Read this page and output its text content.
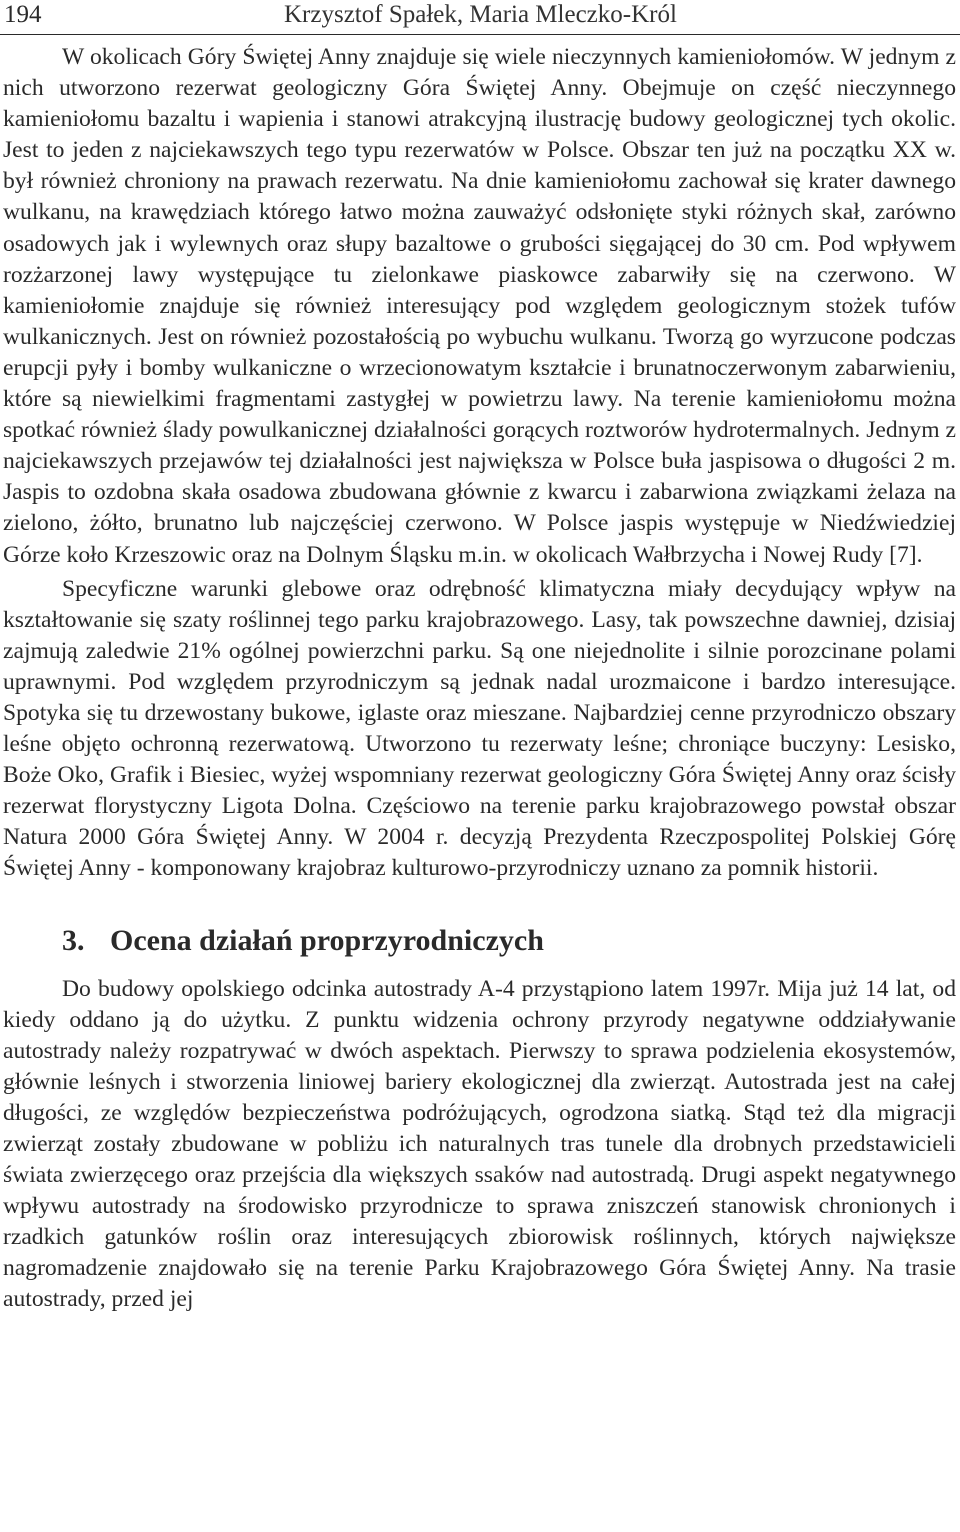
194	Krzysztof Spałek, Maria Mleczko-Król

W okolicach Góry Świętej Anny znajduje się wiele nieczynnych kamieniołomów. W jednym z nich utworzono rezerwat geologiczny Góra Świętej Anny. Obejmuje on część nieczynnego kamieniołomu bazaltu i wapienia i stanowi atrakcyjną ilustrację budowy geologicznej tych okolic. Jest to jeden z najciekawszych tego typu rezerwatów w Polsce. Obszar ten już na początku XX w. był również chroniony na prawach rezerwatu. Na dnie kamieniołomu zachował się krater dawnego wulkanu, na krawędziach którego łatwo można zauważyć odsłonięte styki różnych skał, zarówno osadowych jak i wylewnych oraz słupy bazaltowe o grubości sięgającej do 30 cm. Pod wpływem rozżarzonej lawy występujące tu zielonkawe piaskowce zabarwiły się na czerwono. W kamieniołomie znajduje się również interesujący pod względem geologicznym stożek tufów wulkanicznych. Jest on również pozostałością po wybuchu wulkanu. Tworzą go wyrzucone podczas erupcji pyły i bomby wulkaniczne o wrzecionowatym kształcie i brunatnoczerwonym zabarwieniu, które są niewielkimi fragmentami zastygłej w powietrzu lawy. Na terenie kamieniołomu można spotkać również ślady powulkanicznej działalności gorących roztworów hydrotermalnych. Jednym z najciekawszych przejawów tej działalności jest największa w Polsce buła jaspisowa o długości 2 m. Jaspis to ozdobna skała osadowa zbudowana głównie z kwarcu i zabarwiona związkami żelaza na zielono, żółto, brunatno lub najczęściej czerwono. W Polsce jaspis występuje w Niedźwiedziej Górze koło Krzeszowic oraz na Dolnym Śląsku m.in. w okolicach Wałbrzycha i Nowej Rudy [7].

Specyficzne warunki glebowe oraz odrębność klimatyczna miały decydujący wpływ na kształtowanie się szaty roślinnej tego parku krajobrazowego. Lasy, tak powszechne dawniej, dzisiaj zajmują zaledwie 21% ogólnej powierzchni parku. Są one niejednolite i silnie porozcinane polami uprawnymi. Pod względem przyrodniczym są jednak nadal urozmaicone i bardzo interesujące. Spotyka się tu drzewostany bukowe, iglaste oraz mieszane. Najbardziej cenne przyrodniczo obszary leśne objęto ochronną rezerwatową. Utworzono tu rezerwaty leśne; chroniące buczyny: Lesisko, Boże Oko, Grafik i Biesiec, wyżej wspomniany rezerwat geologiczny Góra Świętej Anny oraz ścisły rezerwat florystyczny Ligota Dolna. Częściowo na terenie parku krajobrazowego powstał obszar Natura 2000 Góra Świętej Anny. W 2004 r. decyzją Prezydenta Rzeczpospolitej Polskiej Górę Świętej Anny - komponowany krajobraz kulturowo-przyrodniczy uznano za pomnik historii.

3. Ocena działań proprzyrodniczych

Do budowy opolskiego odcinka autostrady A-4 przystąpiono latem 1997r. Mija już 14 lat, od kiedy oddano ją do użytku. Z punktu widzenia ochrony przyrody negatywne oddziaływanie autostrady należy rozpatrywać w dwóch aspektach. Pierwszy to sprawa podzielenia ekosystemów, głównie leśnych i stworzenia liniowej bariery ekologicznej dla zwierząt. Autostrada jest na całej długości, ze względów bezpieczeństwa podróżujących, ogrodzona siatką. Stąd też dla migracji zwierząt zostały zbudowane w pobliżu ich naturalnych tras tunele dla drobnych przedstawicieli świata zwierzęcego oraz przejścia dla większych ssaków nad autostradą. Drugi aspekt negatywnego wpływu autostrady na środowisko przyrodnicze to sprawa zniszczeń stanowisk chronionych i rzadkich gatunków roślin oraz interesujących zbiorowisk roślinnych, których największe nagromadzenie znajdowało się na terenie Parku Krajobrazowego Góra Świętej Anny. Na trasie autostrady, przed jej
